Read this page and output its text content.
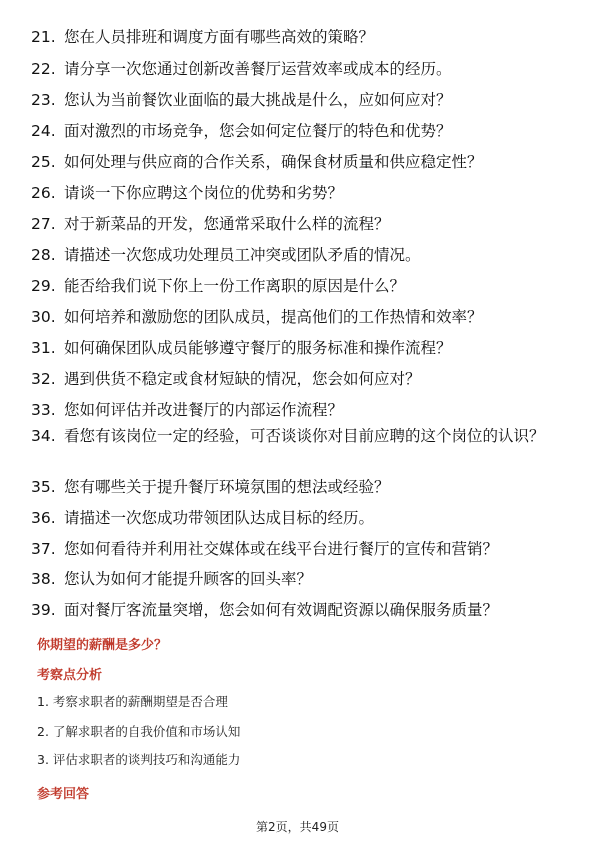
21. 您在人员排班和调度方面有哪些高效的策略？
22. 请分享一次您通过创新改善餐厅运营效率或成本的经历。
23. 您认为当前餐饮业面临的最大挑战是什么，应如何应对？
24. 面对激烈的市场竞争，您会如何定位餐厅的特色和优势？
25. 如何处理与供应商的合作关系，确保食材质量和供应稳定性？
26. 请谈一下你应聘这个岗位的优势和劣势？
27. 对于新菜品的开发，您通常采取什么样的流程？
28. 请描述一次您成功处理员工冲突或团队矛盾的情况。
29. 能否给我们说下你上一份工作离职的原因是什么？
30. 如何培养和激励您的团队成员，提高他们的工作热情和效率？
31. 如何确保团队成员能够遵守餐厅的服务标准和操作流程？
32. 遇到供货不稳定或食材短缺的情况，您会如何应对？
33. 您如何评估并改进餐厅的内部运作流程？
34. 看您有该岗位一定的经验，可否谈谈你对目前应聘的这个岗位的认识？
35. 您有哪些关于提升餐厅环境氛围的想法或经验？
36. 请描述一次您成功带领团队达成目标的经历。
37. 您如何看待并利用社交媒体或在线平台进行餐厅的宣传和营销？
38. 您认为如何才能提升顾客的回头率？
39. 面对餐厅客流量突增，您会如何有效调配资源以确保服务质量？
你期望的薪酬是多少？
考察点分析
1. 考察求职者的薪酬期望是否合理
2. 了解求职者的自我价值和市场认知
3. 评估求职者的谈判技巧和沟通能力
参考回答
第2页，共49页
